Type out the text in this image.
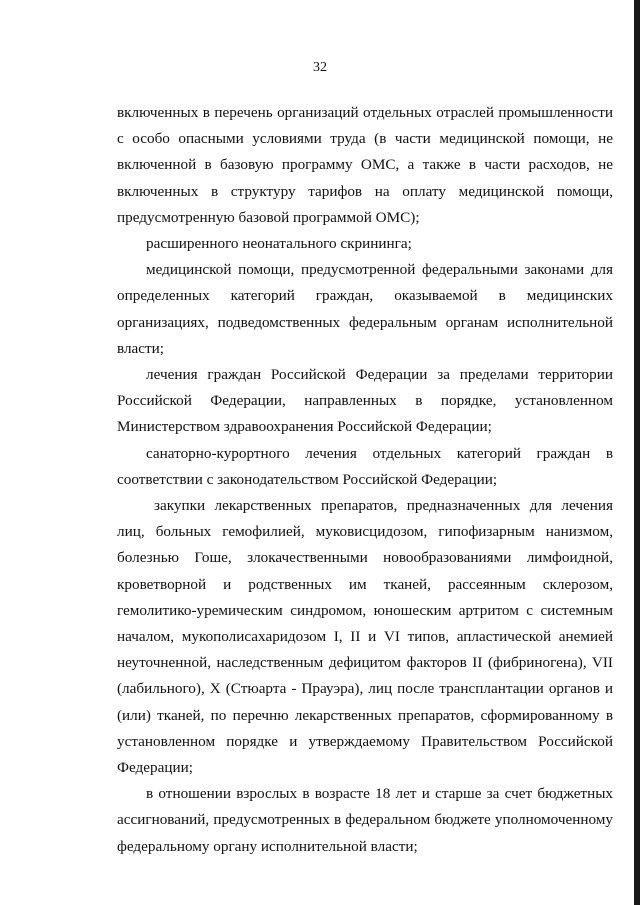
32

включенных в перечень организаций отдельных отраслей промышленности с особо опасными условиями труда (в части медицинской помощи, не включенной в базовую программу ОМС, а также в части расходов, не включенных в структуру тарифов на оплату медицинской помощи, предусмотренную базовой программой ОМС);

расширенного неонатального скрининга;

медицинской помощи, предусмотренной федеральными законами для определенных категорий граждан, оказываемой в медицинских организациях, подведомственных федеральным органам исполнительной власти;

лечения граждан Российской Федерации за пределами территории Российской Федерации, направленных в порядке, установленном Министерством здравоохранения Российской Федерации;

санаторно-курортного лечения отдельных категорий граждан в соответствии с законодательством Российской Федерации;

закупки лекарственных препаратов, предназначенных для лечения лиц, больных гемофилией, муковисцидозом, гипофизарным нанизмом, болезнью Гоше, злокачественными новообразованиями лимфоидной, кроветворной и родственных им тканей, рассеянным склерозом, гемолитико-уремическим синдромом, юношеским артритом с системным началом, мукополисахаридозом I, II и VI типов, апластической анемией неуточненной, наследственным дефицитом факторов II (фибриногена), VII (лабильного), X (Стюарта - Прауэра), лиц после трансплантации органов и (или) тканей, по перечню лекарственных препаратов, сформированному в установленном порядке и утверждаемому Правительством Российской Федерации;

в отношении взрослых в возрасте 18 лет и старше за счет бюджетных ассигнований, предусмотренных в федеральном бюджете уполномоченному федеральному органу исполнительной власти;
